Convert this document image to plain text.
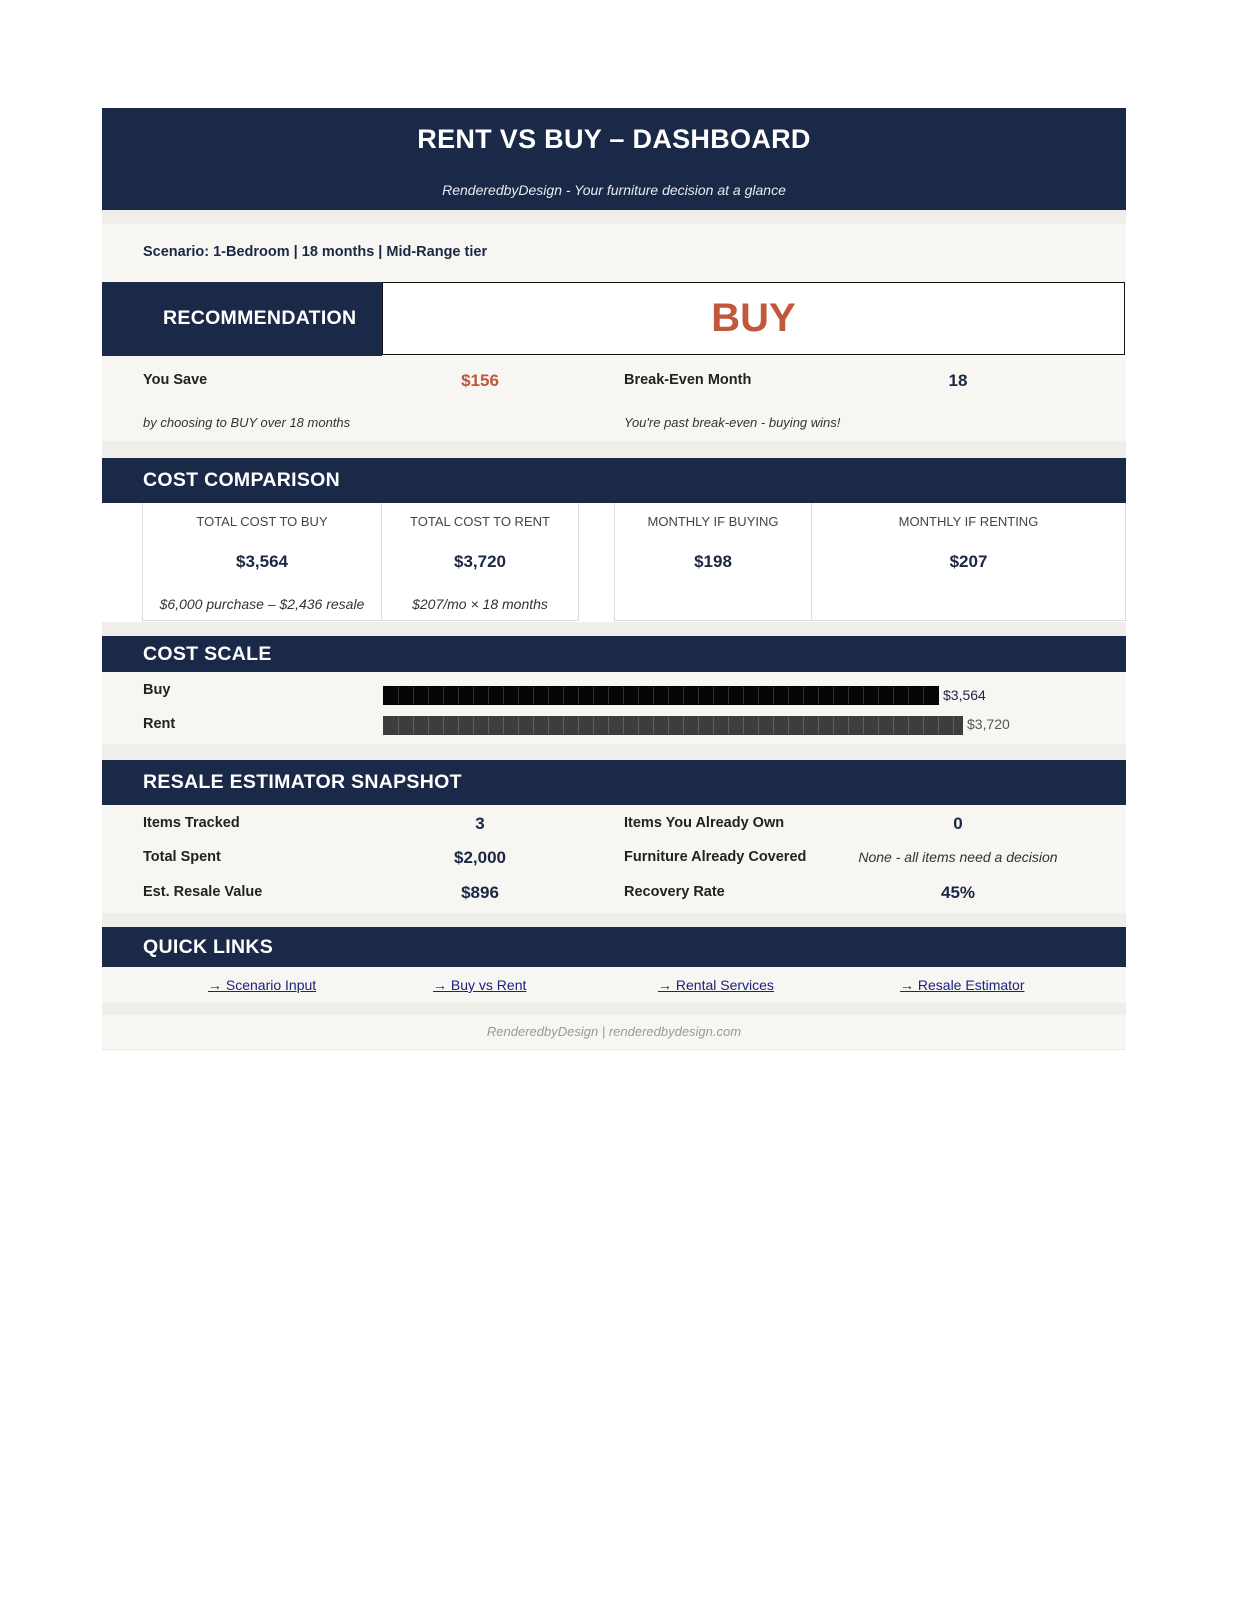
RENT VS BUY – DASHBOARD
RenderedbyDesign - Your furniture decision at a glance
Scenario: 1-Bedroom | 18 months | Mid-Range tier
RECOMMENDATION	BUY
You Save	$156
by choosing to BUY over 18 months
Break-Even Month	18
You're past break-even - buying wins!
COST COMPARISON
TOTAL COST TO BUY
$3,564
$6,000 purchase – $2,436 resale
TOTAL COST TO RENT
$3,720
$207/mo × 18 months
MONTHLY IF BUYING
$198
MONTHLY IF RENTING
$207
COST SCALE
Buy	$3,564
Rent	$3,720
RESALE ESTIMATOR SNAPSHOT
Items Tracked	3	Items You Already Own	0
Total Spent	$2,000	Furniture Already Covered	None - all items need a decision
Est. Resale Value	$896	Recovery Rate	45%
QUICK LINKS
→ Scenario Input	→ Buy vs Rent	→ Rental Services	→ Resale Estimator
RenderedbyDesign | renderedbydesign.com
